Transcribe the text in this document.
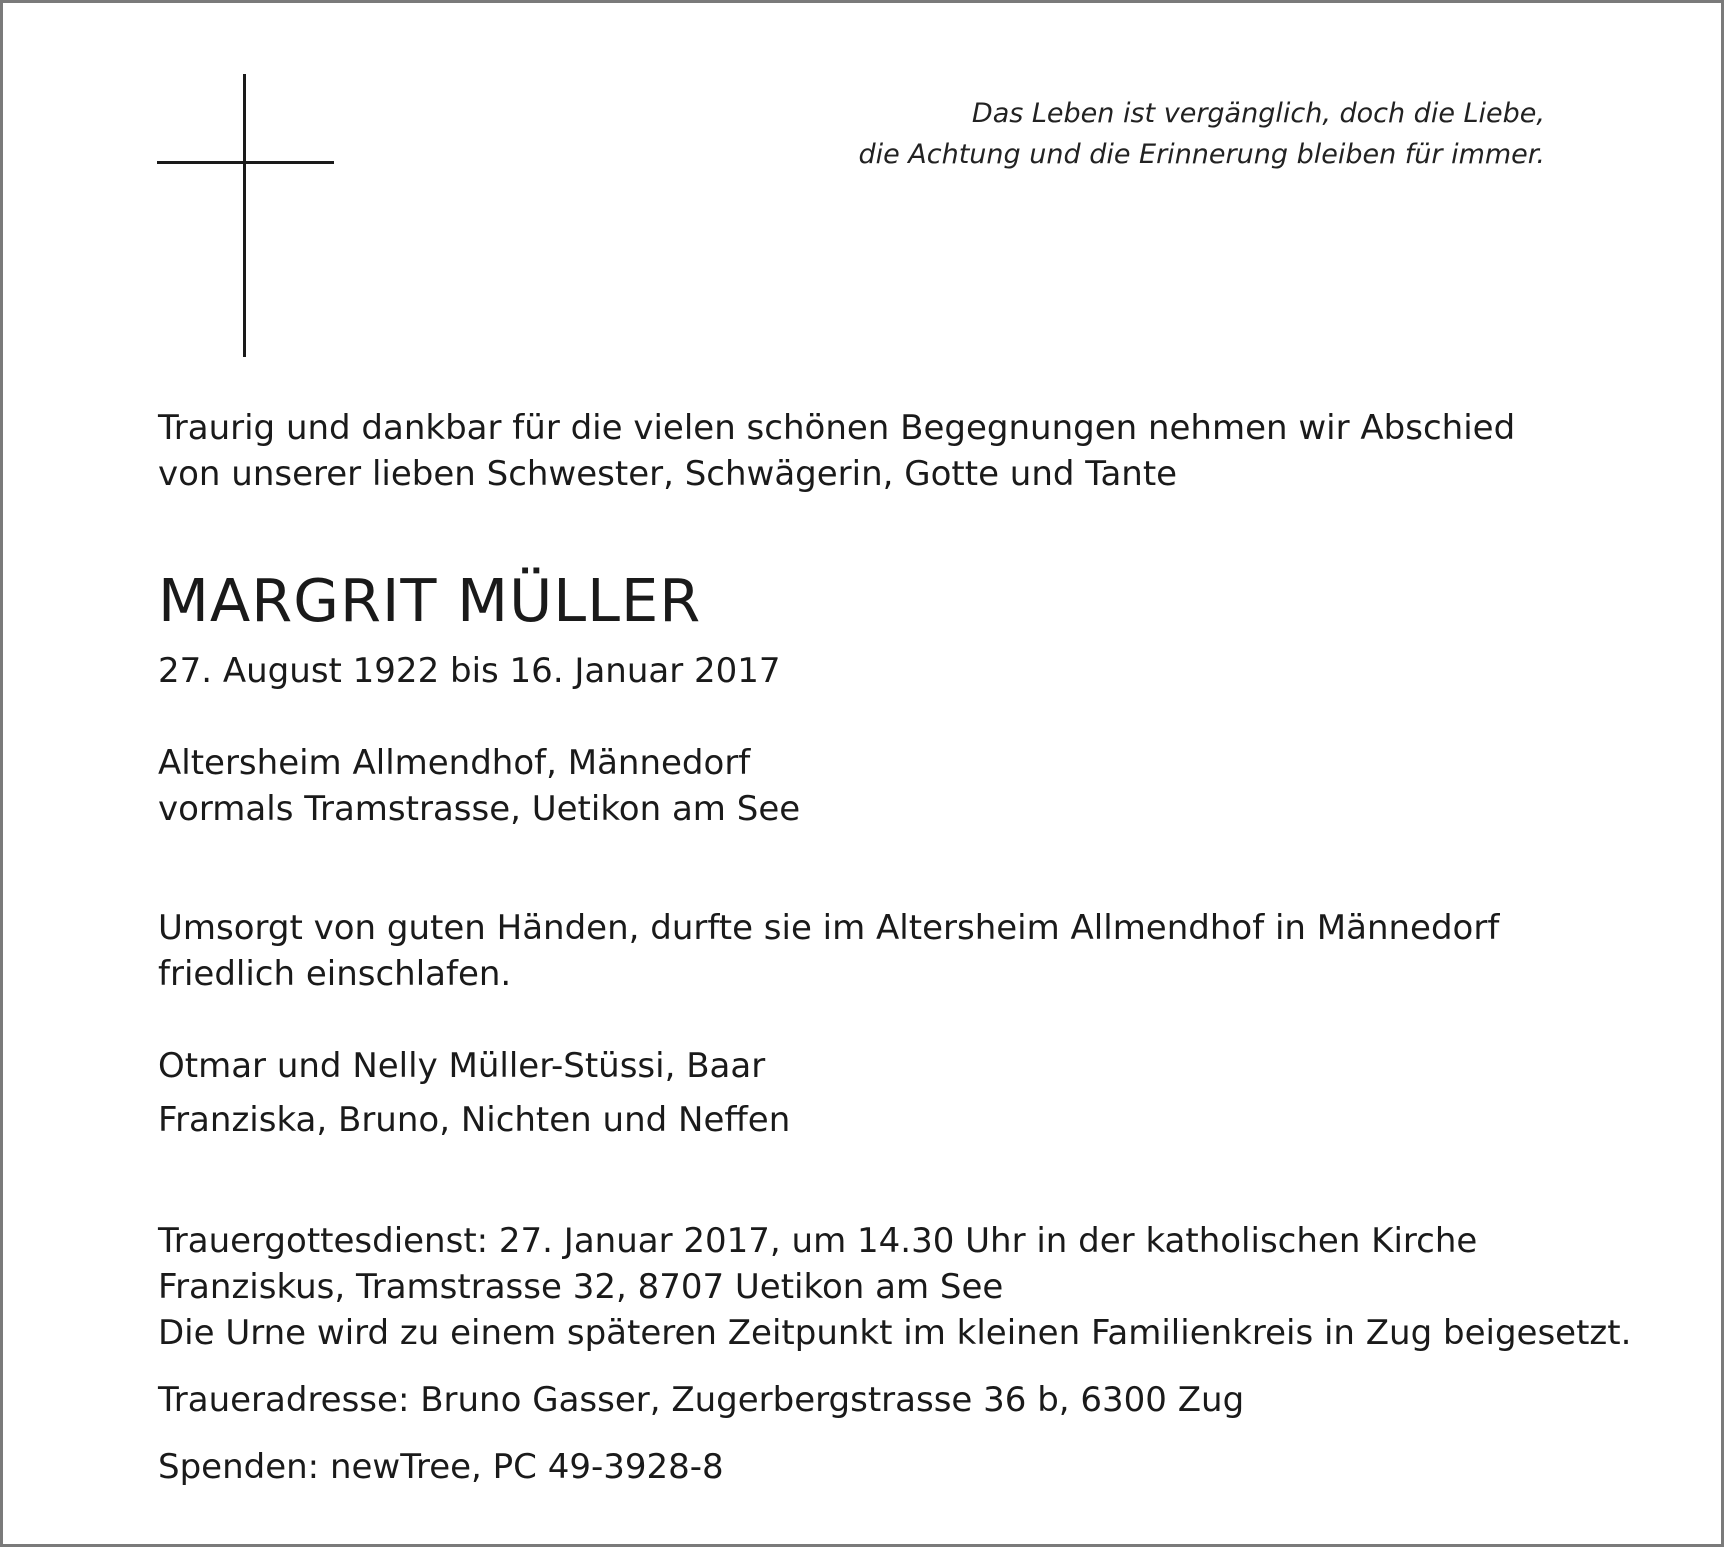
Das Leben ist vergänglich, doch die Liebe,
die Achtung und die Erinnerung bleiben für immer.
Traurig und dankbar für die vielen schönen Begegnungen nehmen wir Abschied
von unserer lieben Schwester, Schwägerin, Gotte und Tante
MARGRIT MÜLLER
27. August 1922 bis 16. Januar 2017
Altersheim Allmendhof, Männedorf
vormals Tramstrasse, Uetikon am See
Umsorgt von guten Händen, durfte sie im Altersheim Allmendhof in Männedorf
friedlich einschlafen.
Otmar und Nelly Müller-Stüssi, Baar
Franziska, Bruno, Nichten und Neffen
Trauergottesdienst: 27. Januar 2017, um 14.30 Uhr in der katholischen Kirche
Franziskus, Tramstrasse 32, 8707 Uetikon am See
Die Urne wird zu einem späteren Zeitpunkt im kleinen Familienkreis in Zug beigesetzt.
Traueradresse: Bruno Gasser, Zugerbergstrasse 36 b, 6300 Zug
Spenden: newTree, PC 49-3928-8
